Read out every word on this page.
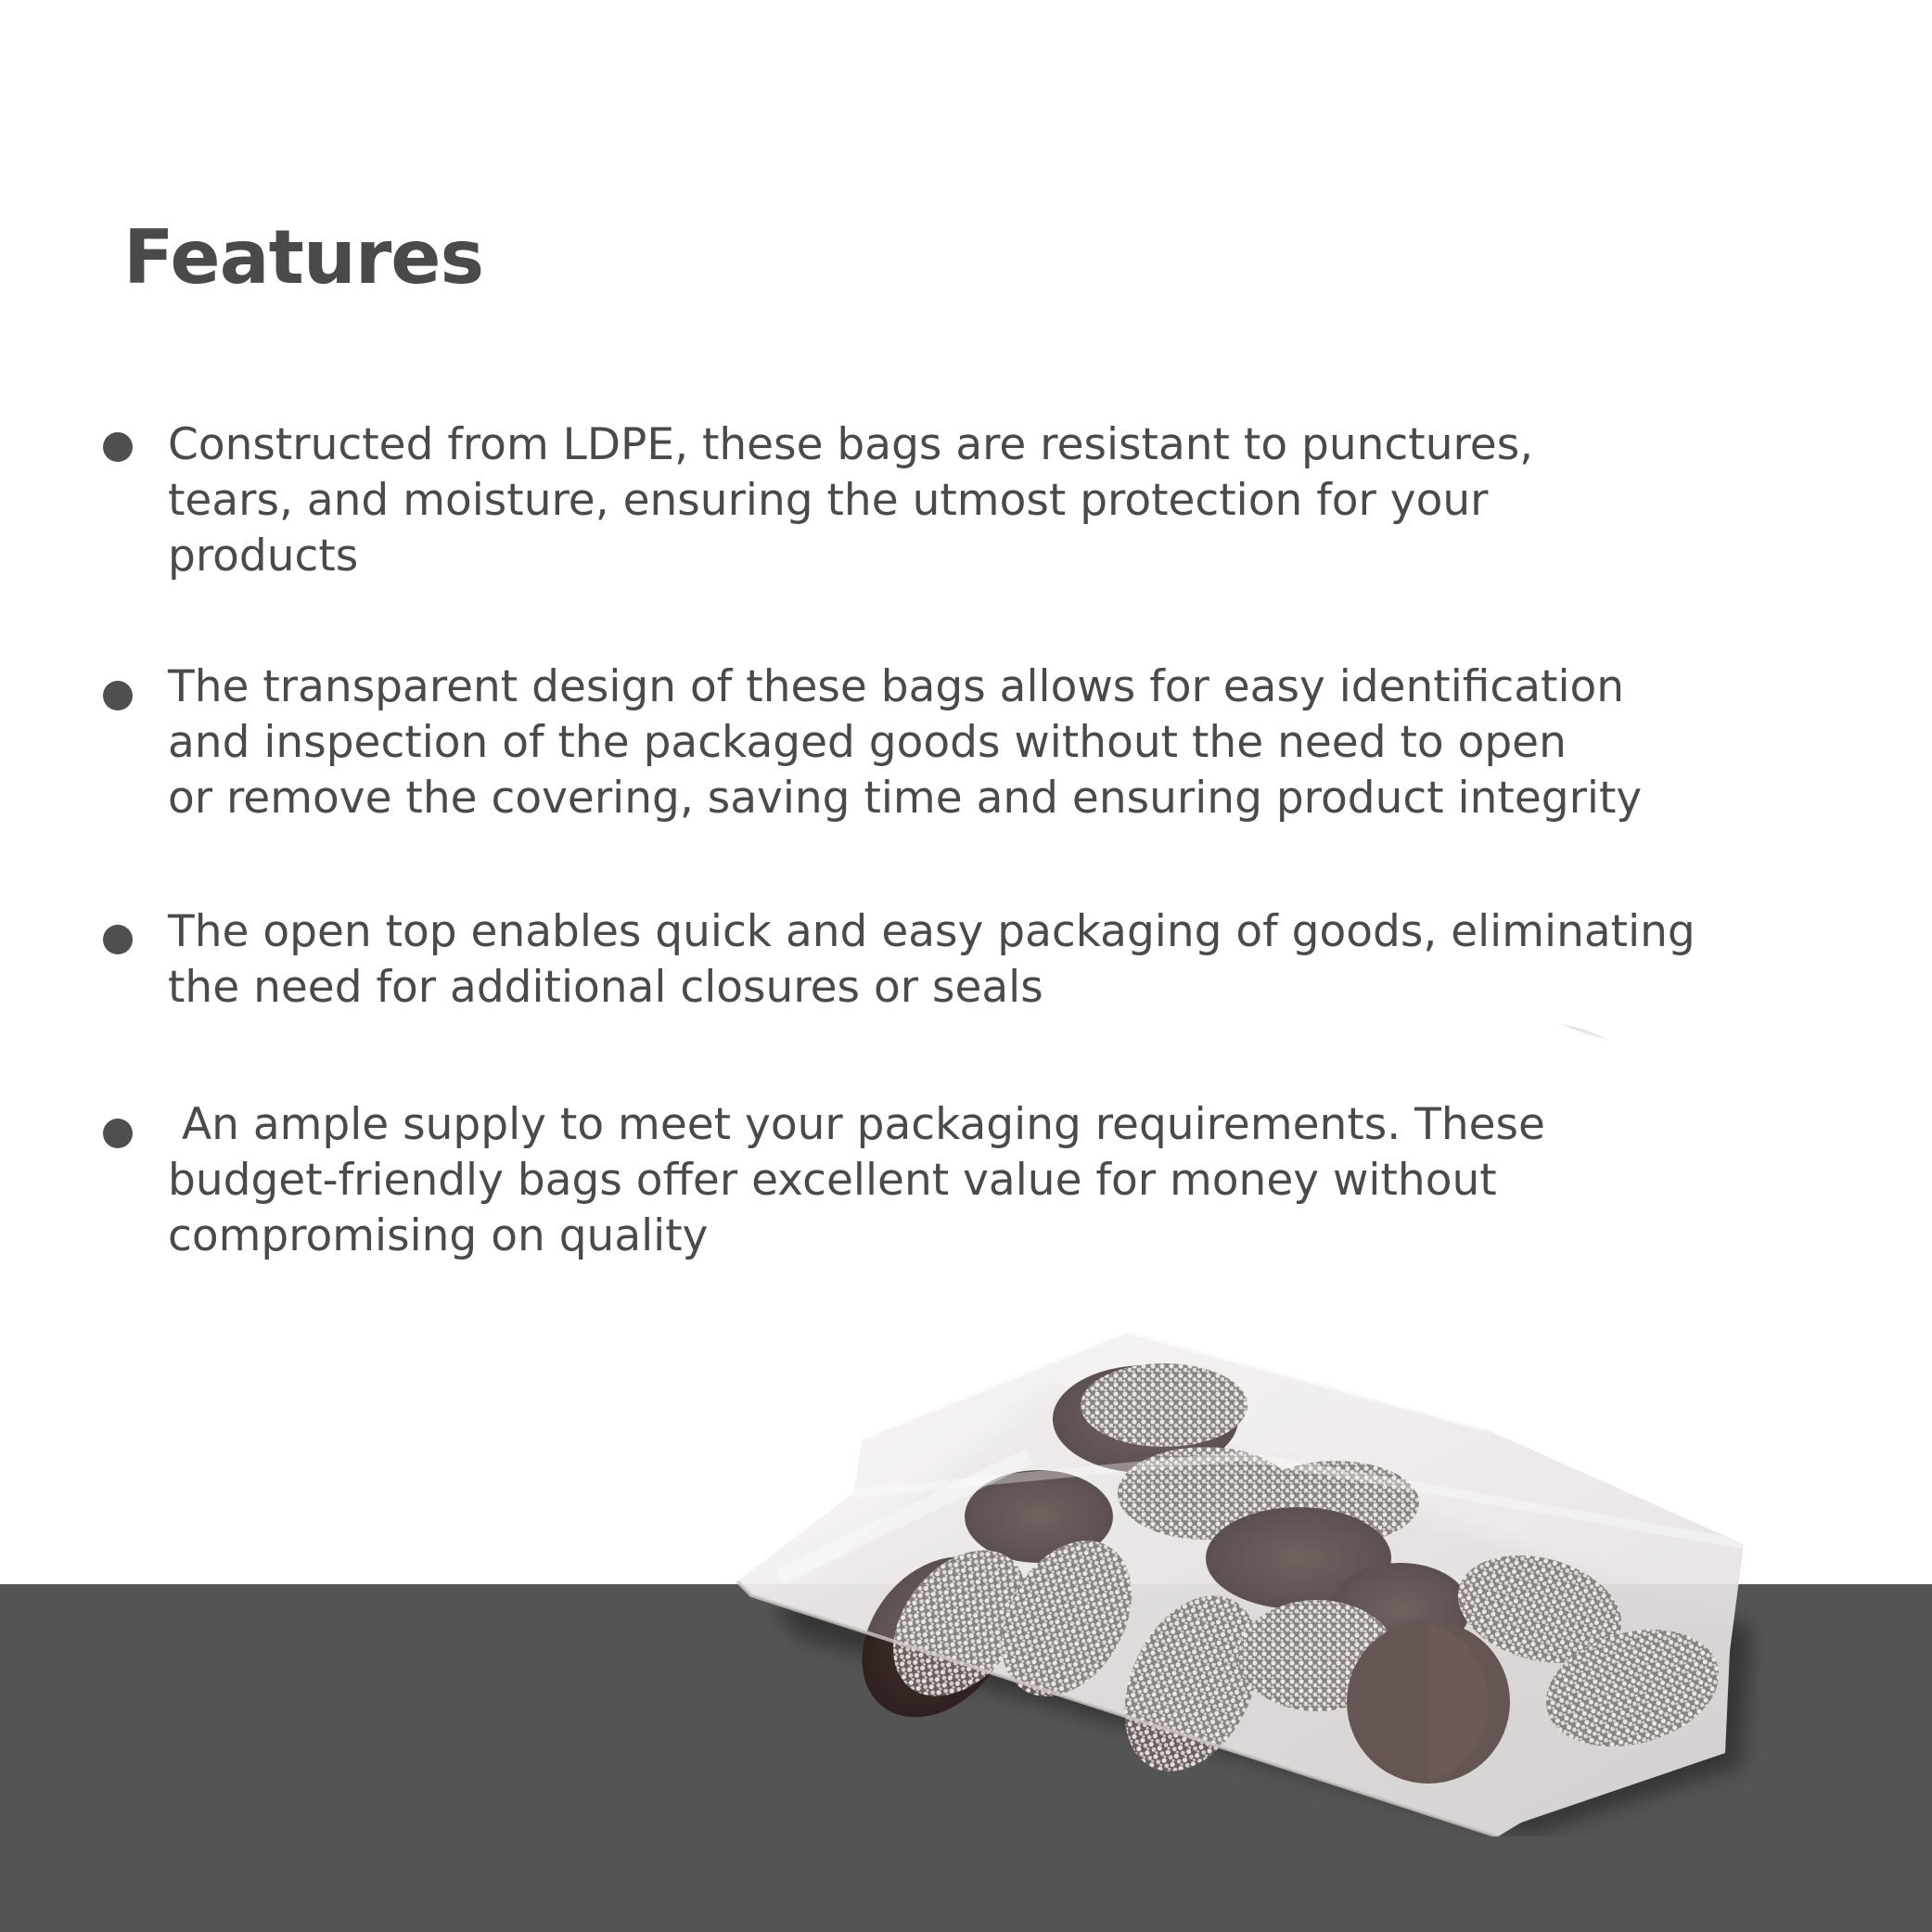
Features

Constructed from LDPE, these bags are resistant to punctures,
tears, and moisture, ensuring the utmost protection for your
products

The transparent design of these bags allows for easy identification
and inspection of the packaged goods without the need to open
or remove the covering, saving time and ensuring product integrity

The open top enables quick and easy packaging of goods, eliminating
the need for additional closures or seals

An ample supply to meet your packaging requirements. These
budget-friendly bags offer excellent value for money without
compromising on quality
